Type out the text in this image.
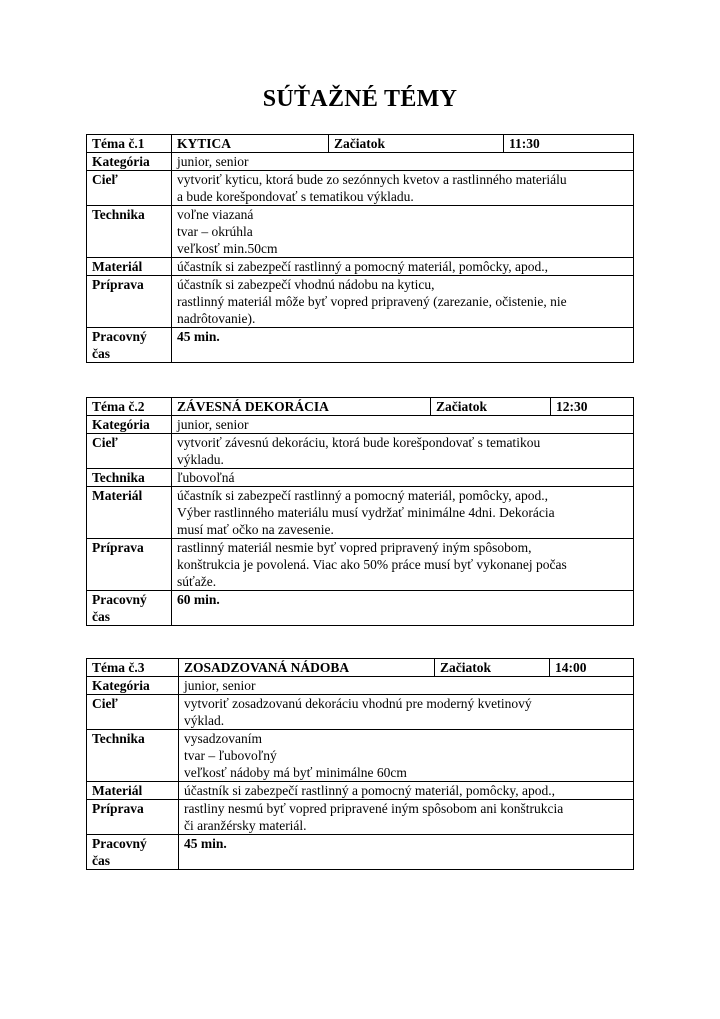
SÚŤAŽNÉ TÉMY
Téma č.1	KYTICA	Začiatok	11:30
Kategória	junior, senior		
Cieľ	vytvoriť kyticu, ktorá bude zo sezónnych kvetov a rastlinného materiálu
a bude korešpondovať s tematikou výkladu.		
Technika	voľne viazaná
tvar – okrúhla
veľkosť min.50cm		
Materiál	účastník si zabezpečí rastlinný a pomocný materiál, pomôcky, apod.,		
Príprava	účastník si zabezpečí vhodnú nádobu na kyticu,
rastlinný materiál môže byť vopred pripravený (zarezanie, očistenie, nie
nadrôtovanie).		
Pracovný
čas	45 min.		
Téma č.2	ZÁVESNÁ DEKORÁCIA	Začiatok	12:30
Kategória	junior, senior		
Cieľ	vytvoriť závesnú dekoráciu, ktorá bude korešpondovať s tematikou
výkladu.		
Technika	ľubovoľná		
Materiál	účastník si zabezpečí rastlinný a pomocný materiál, pomôcky, apod.,
Výber rastlinného materiálu musí vydržať minimálne 4dni. Dekorácia
musí mať očko na zavesenie.		
Príprava	rastlinný materiál nesmie byť vopred pripravený iným spôsobom,
konštrukcia je povolená. Viac ako 50% práce musí byť vykonanej počas
súťaže.		
Pracovný
čas	60 min.		
Téma č.3	ZOSADZOVANÁ NÁDOBA	Začiatok	14:00
Kategória	junior, senior		
Cieľ	vytvoriť zosadzovanú dekoráciu vhodnú pre moderný kvetinový
výklad.		
Technika	vysadzovaním
tvar – ľubovoľný
veľkosť nádoby má byť minimálne 60cm		
Materiál	účastník si zabezpečí rastlinný a pomocný materiál, pomôcky, apod.,		
Príprava	rastliny nesmú byť vopred pripravené iným spôsobom ani konštrukcia
či aranžérsky materiál.		
Pracovný
čas	45 min.		
